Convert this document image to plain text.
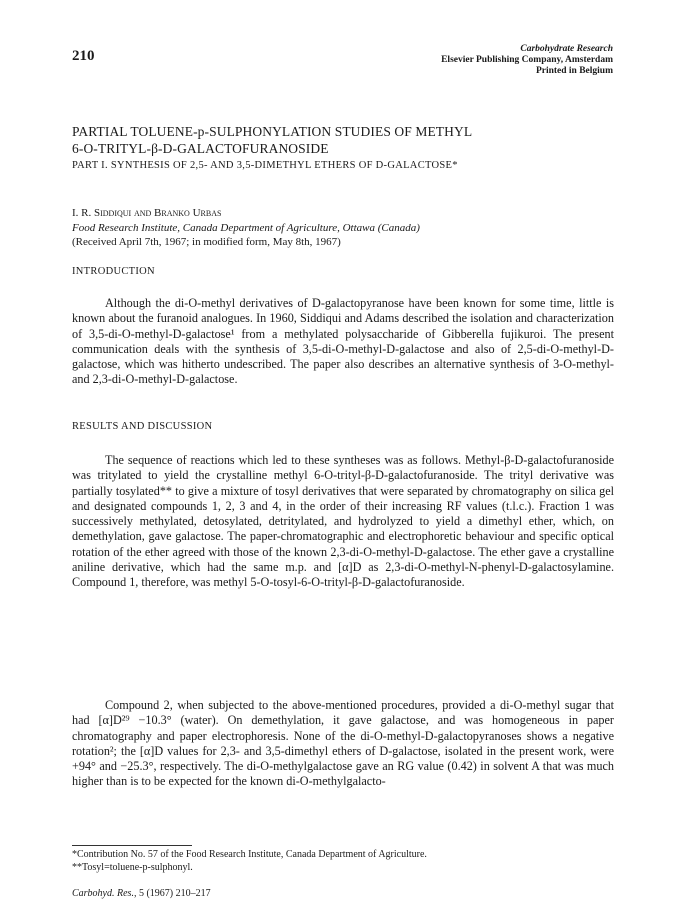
210	Carbohydrate Research
Elsevier Publishing Company, Amsterdam
Printed in Belgium
PARTIAL TOLUENE-p-SULPHONYLATION STUDIES OF METHYL
6-O-TRITYL-β-D-GALACTOFURANOSIDE
PART I. SYNTHESIS OF 2,5- AND 3,5-DIMETHYL ETHERS OF D-GALACTOSE*
I. R. Siddiqui and Branko Urbas
Food Research Institute, Canada Department of Agriculture, Ottawa (Canada)
(Received April 7th, 1967; in modified form, May 8th, 1967)
INTRODUCTION

Although the di-O-methyl derivatives of D-galactopyranose have been known for some time, little is known about the furanoid analogues. In 1960, Siddiqui and Adams described the isolation and characterization of 3,5-di-O-methyl-D-galactose¹ from a methylated polysaccharide of Gibberella fujikuroi. The present communication deals with the synthesis of 3,5-di-O-methyl-D-galactose and also of 2,5-di-O-methyl-D-galactose, which was hitherto undescribed. The paper also describes an alternative synthesis of 3-O-methyl- and 2,3-di-O-methyl-D-galactose.

RESULTS AND DISCUSSION

The sequence of reactions which led to these syntheses was as follows. Methyl-β-D-galactofuranoside was tritylated to yield the crystalline methyl 6-O-trityl-β-D-galactofuranoside. The trityl derivative was partially tosylated** to give a mixture of tosyl derivatives that were separated by chromatography on silica gel and designated compounds 1, 2, 3 and 4, in the order of their increasing RF values (t.l.c.). Fraction 1 was successively methylated, detosylated, detritylated, and hydrolyzed to yield a dimethyl ether, which, on demethylation, gave galactose. The paper-chromatographic and electrophoretic behaviour and specific optical rotation of the ether agreed with those of the known 2,3-di-O-methyl-D-galactose. The ether gave a crystalline aniline derivative, which had the same m.p. and [α]D as 2,3-di-O-methyl-N-phenyl-D-galactosylamine. Compound 1, therefore, was methyl 5-O-tosyl-6-O-trityl-β-D-galactofuranoside.

Compound 2, when subjected to the above-mentioned procedures, provided a di-O-methyl sugar that had [α]D²⁹ −10.3° (water). On demethylation, it gave galactose, and was homogeneous in paper chromatography and paper electrophoresis. None of the di-O-methyl-D-galactopyranoses shows a negative rotation²; the [α]D values for 2,3- and 3,5-dimethyl ethers of D-galactose, isolated in the present work, were +94° and −25.3°, respectively. The di-O-methylgalactose gave an RG value (0.42) in solvent A that was much higher than is to be expected for the known di-O-methylgalacto-

*Contribution No. 57 of the Food Research Institute, Canada Department of Agriculture.
**Tosyl=toluene-p-sulphonyl.
Carbohyd. Res., 5 (1967) 210–217
